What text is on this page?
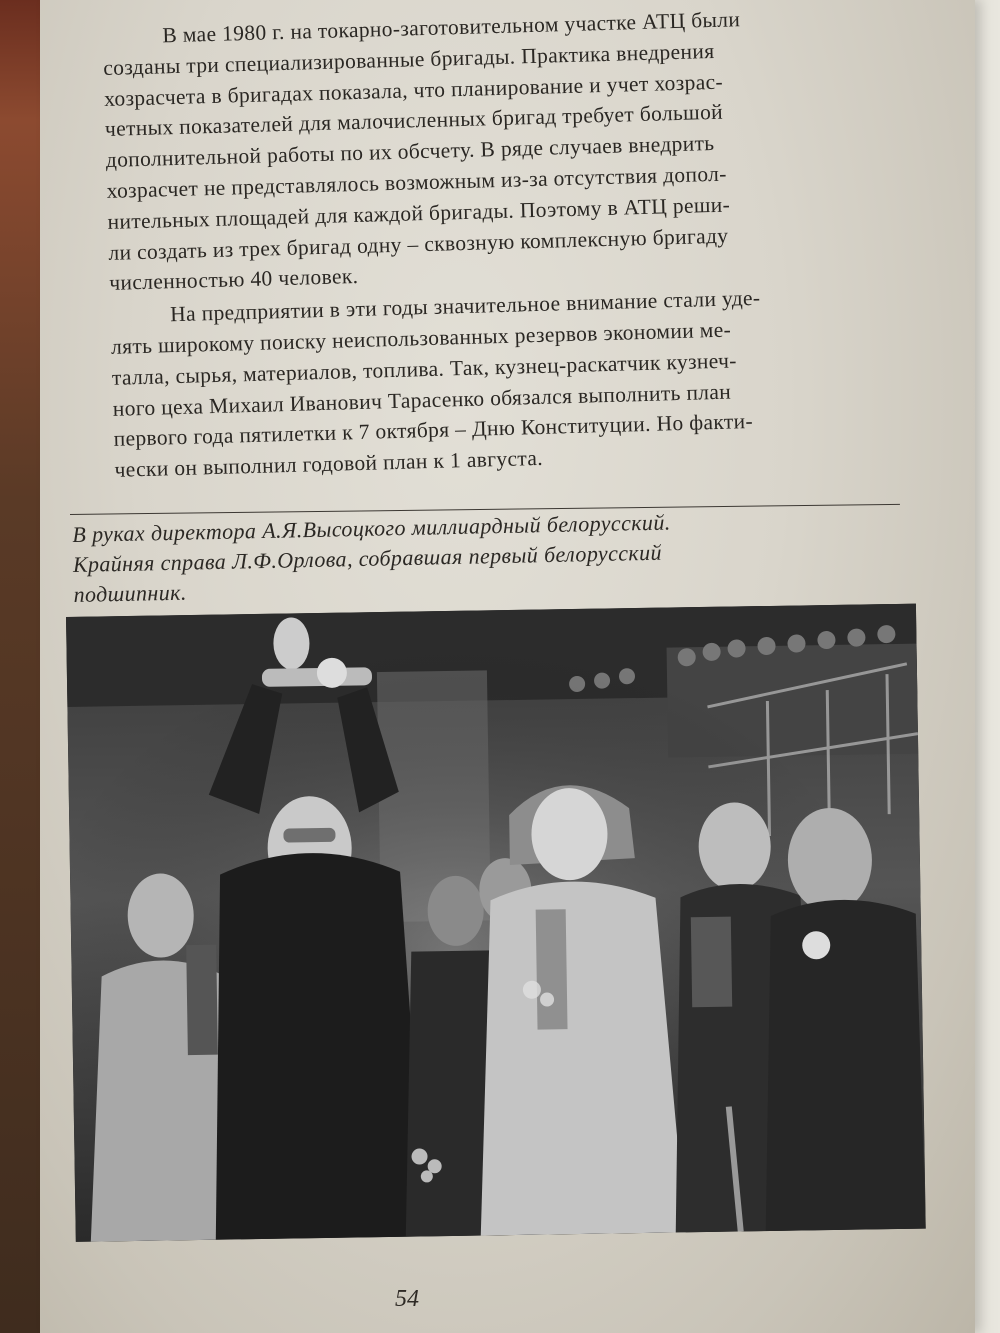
В мае 1980 г. на токарно-заготовительном участке АТЦ были
созданы три специализированные бригады. Практика внедрения
хозрасчета в бригадах показала, что планирование и учет хозрас-
четных показателей для малочисленных бригад требует большой
дополнительной работы по их обсчету. В ряде случаев внедрить
хозрасчет не представлялось возможным из-за отсутствия допол-
нительных площадей для каждой бригады. Поэтому в АТЦ реши-
ли создать из трех бригад одну – сквозную комплексную бригаду
численностью 40 человек.
На предприятии в эти годы значительное внимание стали уде-
лять широкому поиску неиспользованных резервов экономии ме-
талла, сырья, материалов, топлива. Так, кузнец-раскатчик кузнеч-
ного цеха Михаил Иванович Тарасенко обязался выполнить план
первого года пятилетки к 7 октября – Дню Конституции. Но факти-
чески он выполнил годовой план к 1 августа.
В руках директора А.Я.Высоцкого миллиардный белорусский.
Крайняя справа Л.Ф.Орлова, собравшая первый белорусский
подшипник.
54
